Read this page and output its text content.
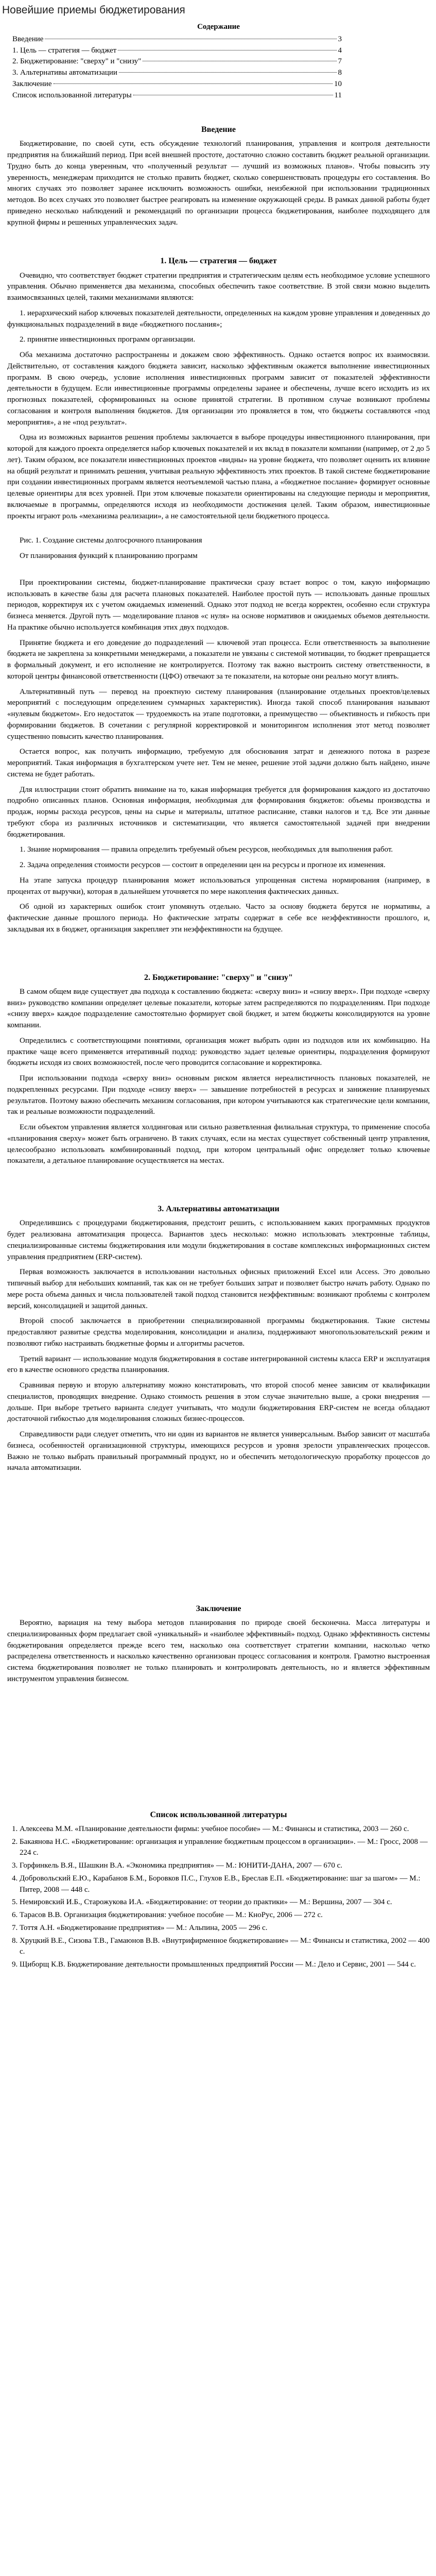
Новейшие приемы бюджетирования
Содержание
Введение	3
1. Цель — стратегия — бюджет	4
2. Бюджетирование: "сверху" и "снизу"	7
3. Альтернативы автоматизации	8
Заключение	10
Список использованной литературы	11
Введение

Бюджетирование, по своей сути, есть обсуждение технологий планирования, управления и контроля деятельности предприятия на ближайший период. При всей внешней простоте, достаточно сложно составить бюджет реальной организации. Трудно быть до конца уверенным, что «полученный результат — лучший из возможных планов». Чтобы повысить эту уверенность, менеджерам приходится не столько править бюджет, сколько совершенствовать процедуры его составления. Во многих случаях это позволяет заранее исключить возможность ошибки, неизбежной при использовании традиционных методов. Во всех случаях это позволяет быстрее реагировать на изменение окружающей среды. В рамках данной работы будет приведено несколько наблюдений и рекомендаций по организации процесса бюджетирования, наиболее подходящего для крупной фирмы и решенных управленческих задач.

1. Цель — стратегия — бюджет

Очевидно, что соответствует бюджет стратегии предприятия и стратегическим целям есть необходимое условие успешного управления. Обычно применяется два механизма, способных обеспечить такое соответствие. В этой связи можно выделить взаимосвязанных целей, такими механизмами являются:

1. иерархический набор ключевых показателей деятельности, определенных на каждом уровне управления и доведенных до функциональных подразделений в виде «бюджетного послания»;

2. принятие инвестиционных программ организации.

Оба механизма достаточно распространены и докажем свою эффективность. Однако остается вопрос их взаимосвязи. Действительно, от составления каждого бюджета зависит, насколько эффективным окажется выполнение инвестиционных программ. В свою очередь, условие исполнения инвестиционных программ зависит от показателей эффективности деятельности в будущем. Если инвестиционные программы определены заранее и обеспечены, лучше всего исходить из их прогнозных показателей, сформированных на основе принятой стратегии. В противном случае возникают проблемы согласования и контроля выполнения бюджетов. Для организации это проявляется в том, что бюджеты составляются «под мероприятия», а не «под результат».

Одна из возможных вариантов решения проблемы заключается в выборе процедуры инвестиционного планирования, при которой для каждого проекта определяется набор ключевых показателей и их вклад в показатели компании (например, от 2 до 5 лет). Таким образом, все показатели инвестиционных проектов «видны» на уровне бюджета, что позволяет оценить их влияние на общий результат и принимать решения, учитывая реальную эффективность этих проектов. В такой системе бюджетирование при создании инвестиционных программ является неотъемлемой частью плана, а «бюджетное послание» формирует основные целевые ориентиры для всех уровней. При этом ключевые показатели ориентированы на следующие периоды и мероприятия, включаемые в программы, определяются исходя из необходимости достижения целей. Таким образом, инвестиционные проекты играют роль «механизма реализации», а не самостоятельной цели бюджетного процесса.

Рис. 1. Создание системы долгосрочного планирования

От планирования функций к планированию программ

При проектировании системы, бюджет-планирование практически сразу встает вопрос о том, какую информацию использовать в качестве базы для расчета плановых показателей. Наиболее простой путь — использовать данные прошлых периодов, корректируя их с учетом ожидаемых изменений. Однако этот подход не всегда корректен, особенно если структура бизнеса меняется. Другой путь — моделирование планов «с нуля» на основе нормативов и ожидаемых объемов деятельности. На практике обычно используется комбинация этих двух подходов.

Принятие бюджета и его доведение до подразделений — ключевой этап процесса. Если ответственность за выполнение бюджета не закреплена за конкретными менеджерами, а показатели не увязаны с системой мотивации, то бюджет превращается в формальный документ, и его исполнение не контролируется. Поэтому так важно выстроить систему ответственности, в которой центры финансовой ответственности (ЦФО) отвечают за те показатели, на которые они реально могут влиять.

Альтернативный путь — перевод на проектную систему планирования (планирование отдельных проектов/целевых мероприятий с последующим определением суммарных характеристик). Иногда такой способ планирования называют «нулевым бюджетом». Его недостаток — трудоемкость на этапе подготовки, а преимущество — объективность и гибкость при формировании бюджетов. В сочетании с регулярной корректировкой и мониторингом исполнения этот метод позволяет существенно повысить качество планирования.

Остается вопрос, как получить информацию, требуемую для обоснования затрат и денежного потока в разрезе мероприятий. Такая информация в бухгалтерском учете нет. Тем не менее, решение этой задачи должно быть найдено, иначе система не будет работать.

Для иллюстрации стоит обратить внимание на то, какая информация требуется для формирования каждого из достаточно подробно описанных планов. Основная информация, необходимая для формирования бюджетов: объемы производства и продаж, нормы расхода ресурсов, цены на сырье и материалы, штатное расписание, ставки налогов и т.д. Все эти данные требуют сбора из различных источников и систематизации, что является самостоятельной задачей при внедрении бюджетирования.

1. Знание нормирования — правила определить требуемый объем ресурсов, необходимых для выполнения работ.

2. Задача определения стоимости ресурсов — состоит в определении цен на ресурсы и прогнозе их изменения.

На этапе запуска процедур планирования может использоваться упрощенная система нормирования (например, в процентах от выручки), которая в дальнейшем уточняется по мере накопления фактических данных.

Об одной из характерных ошибок стоит упомянуть отдельно. Часто за основу бюджета берутся не нормативы, а фактические данные прошлого периода. Но фактические затраты содержат в себе все неэффективности прошлого, и, закладывая их в бюджет, организация закрепляет эти неэффективности на будущее.

2. Бюджетирование: "сверху" и "снизу"

В самом общем виде существует два подхода к составлению бюджета: «сверху вниз» и «снизу вверх». При подходе «сверху вниз» руководство компании определяет целевые показатели, которые затем распределяются по подразделениям. При подходе «снизу вверх» каждое подразделение самостоятельно формирует свой бюджет, и затем бюджеты консолидируются на уровне компании.

Определились с соответствующими понятиями, организация может выбрать один из подходов или их комбинацию. На практике чаще всего применяется итеративный подход: руководство задает целевые ориентиры, подразделения формируют бюджеты исходя из своих возможностей, после чего проводится согласование и корректировка.

При использовании подхода «сверху вниз» основным риском является нереалистичность плановых показателей, не подкрепленных ресурсами. При подходе «снизу вверх» — завышение потребностей в ресурсах и занижение планируемых результатов. Поэтому важно обеспечить механизм согласования, при котором учитываются как стратегические цели компании, так и реальные возможности подразделений.

Если объектом управления является холдинговая или сильно разветвленная филиальная структура, то применение способа «планирования сверху» может быть ограничено. В таких случаях, если на местах существует собственный центр управления, целесообразно использовать комбинированный подход, при котором центральный офис определяет только ключевые показатели, а детальное планирование осуществляется на местах.

3. Альтернативы автоматизации

Определившись с процедурами бюджетирования, предстоит решить, с использованием каких программных продуктов будет реализована автоматизация процесса. Вариантов здесь несколько: можно использовать электронные таблицы, специализированные системы бюджетирования или модули бюджетирования в составе комплексных информационных систем управления предприятием (ERP-систем).

Первая возможность заключается в использовании настольных офисных приложений Excel или Access. Это довольно типичный выбор для небольших компаний, так как он не требует больших затрат и позволяет быстро начать работу. Однако по мере роста объема данных и числа пользователей такой подход становится неэффективным: возникают проблемы с контролем версий, консолидацией и защитой данных.

Второй способ заключается в приобретении специализированной программы бюджетирования. Такие системы предоставляют развитые средства моделирования, консолидации и анализа, поддерживают многопользовательский режим и позволяют гибко настраивать бюджетные формы и алгоритмы расчетов.

Третий вариант — использование модуля бюджетирования в составе интегрированной системы класса ERP и эксплуатация его в качестве основного средства планирования.

Сравнивая первую и вторую альтернативу можно констатировать, что второй способ менее зависим от квалификации специалистов, проводящих внедрение. Однако стоимость решения в этом случае значительно выше, а сроки внедрения — дольше. При выборе третьего варианта следует учитывать, что модули бюджетирования ERP-систем не всегда обладают достаточной гибкостью для моделирования сложных бизнес-процессов.

Справедливости ради следует отметить, что ни один из вариантов не является универсальным. Выбор зависит от масштаба бизнеса, особенностей организационной структуры, имеющихся ресурсов и уровня зрелости управленческих процессов. Важно не только выбрать правильный программный продукт, но и обеспечить методологическую проработку процессов до начала автоматизации.

Заключение

Вероятно, вариация на тему выбора методов планирования по природе своей бесконечна. Масса литературы и специализированных форм предлагает свой «уникальный» и «наиболее эффективный» подход. Однако эффективность системы бюджетирования определяется прежде всего тем, насколько она соответствует стратегии компании, насколько четко распределена ответственность и насколько качественно организован процесс согласования и контроля. Грамотно выстроенная система бюджетирования позволяет не только планировать и контролировать деятельность, но и является эффективным инструментом управления бизнесом.

Список использованной литературы
1. Алексеева М.М. «Планирование деятельности фирмы: учебное пособие» — М.: Финансы и статистика, 2003 — 260 с.
2. Бакаянова Н.С. «Бюджетирование: организация и управление бюджетным процессом в организации». — М.: Гросс, 2008 — 224 с.
3. Горфинкель В.Я., Шашкин В.А. «Экономика предприятия» — М.: ЮНИТИ-ДАНА, 2007 — 670 с.
4. Добровольский Е.Ю., Карабанов Б.М., Боровков П.С., Глухов Е.В., Бреслав Е.П. «Бюджетирование: шаг за шагом» — М.: Питер, 2008 — 448 с.
5. Немировский И.Б., Старожукова И.А. «Бюджетирование: от теории до практики» — М.: Вершина, 2007 — 304 с.
6. Тарасов В.В. Организация бюджетирования: учебное пособие — М.: КноРус, 2006 — 272 с.
7. Тоття А.Н. «Бюджетирование предприятия» — М.: Альпина, 2005 — 296 с.
8. Хруцкий В.Е., Сизова Т.В., Гамаюнов В.В. «Внутрифирменное бюджетирование» — М.: Финансы и статистика, 2002 — 400 с.
9. Щиборщ К.В. Бюджетирование деятельности промышленных предприятий России — М.: Дело и Сервис, 2001 — 544 с.
